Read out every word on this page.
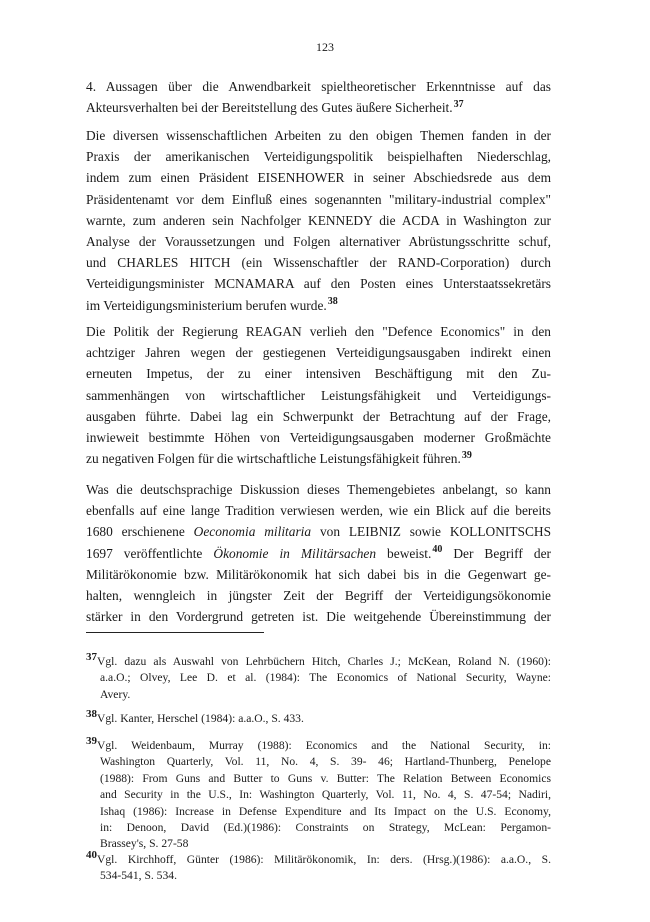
123
4. Aussagen über die Anwendbarkeit spieltheoretischer Erkenntnisse auf das
Akteursverhalten bei der Bereitstellung des Gutes äußere Sicherheit.$^{37}$
Die diversen wissenschaftlichen Arbeiten zu den obigen Themen fanden in der
Praxis der amerikanischen Verteidigungspolitik beispielhaften Niederschlag,
indem zum einen Präsident EISENHOWER in seiner Abschiedsrede aus dem
Präsidentenamt vor dem Einfluß eines sogenannten "military-industrial complex"
warnte, zum anderen sein Nachfolger KENNEDY die ACDA in Washington zur
Analyse der Voraussetzungen und Folgen alternativer Abrüstungsschritte schuf,
und CHARLES HITCH (ein Wissenschaftler der RAND-Corporation) durch
Verteidigungsminister MCNAMARA auf den Posten eines Unterstaatssekretärs
im Verteidigungsministerium berufen wurde.$^{38}$
Die Politik der Regierung REAGAN verlieh den "Defence Economics" in den
achtziger Jahren wegen der gestiegenen Verteidigungsausgaben indirekt einen
erneuten Impetus, der zu einer intensiven Beschäftigung mit den Zu-
sammenhängen von wirtschaftlicher Leistungsfähigkeit und Verteidigungs-
ausgaben führte. Dabei lag ein Schwerpunkt der Betrachtung auf der Frage,
inwieweit bestimmte Höhen von Verteidigungsausgaben moderner Großmächte
zu negativen Folgen für die wirtschaftliche Leistungsfähigkeit führen.$^{39}$
Was die deutschsprachige Diskussion dieses Themengebietes anbelangt, so kann
ebenfalls auf eine lange Tradition verwiesen werden, wie ein Blick auf die bereits
1680 erschienene Oeconomia militaria von LEIBNIZ sowie KOLLONITSCHS
1697 veröffentlichte Ökonomie in Militärsachen beweist.$^{40}$ Der Begriff der
Militärökonomie bzw. Militärökonomik hat sich dabei bis in die Gegenwart ge-
halten, wenngleich in jüngster Zeit der Begriff der Verteidigungsökonomie
stärker in den Vordergrund getreten ist. Die weitgehende Übereinstimmung der
37Vgl. dazu als Auswahl von Lehrbüchern Hitch, Charles J.; McKean, Roland N. (1960):
a.a.O.; Olvey, Lee D. et al. (1984): The Economics of National Security, Wayne:
Avery.
38Vgl. Kanter, Herschel (1984): a.a.O., S. 433.
39Vgl. Weidenbaum, Murray (1988): Economics and the National Security, in:
Washington Quarterly, Vol. 11, No. 4, S. 39- 46; Hartland-Thunberg, Penelope
(1988): From Guns and Butter to Guns v. Butter: The Relation Between Economics
and Security in the U.S., In: Washington Quarterly, Vol. 11, No. 4, S. 47-54; Nadiri,
Ishaq (1986): Increase in Defense Expenditure and Its Impact on the U.S. Economy,
in: Denoon, David (Ed.)(1986): Constraints on Strategy, McLean: Pergamon-
Brassey's, S. 27-58
40Vgl. Kirchhoff, Günter (1986): Militärökonomik, In: ders. (Hrsg.)(1986): a.a.O., S.
534-541, S. 534.
